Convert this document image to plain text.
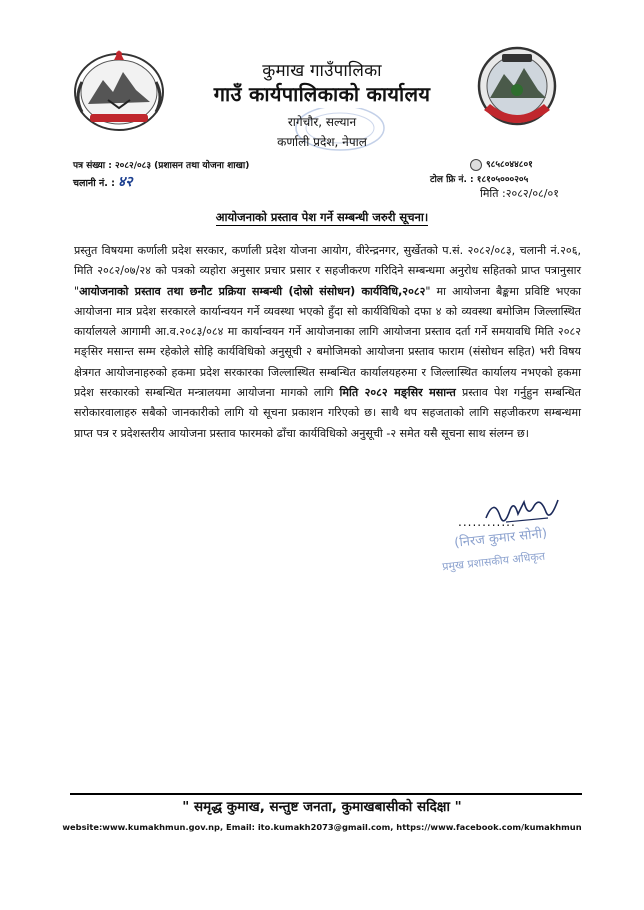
कुमाख गाउँपालिका
गाउँ कार्यपालिकाको कार्यालय
रागेचौर, सल्यान
कर्णाली प्रदेश, नेपाल
पत्र संख्या : २०८२/०८३ (प्रशासन तथा योजना शाखा)
चलानी नं. : ४२
९८५८०४४८०१
टोल फ्रि नं. : १८१०५०००२०५
मिति :२०८२/०८/०१
आयोजनाको प्रस्ताव पेश गर्ने सम्बन्धी जरुरी सूचना।
प्रस्तुत विषयमा कर्णाली प्रदेश सरकार, कर्णाली प्रदेश योजना आयोग, वीरेन्द्रनगर, सुर्खेतको प.सं. २०८२/०८३, चलानी नं.२०६, मिति २०८२/०७/२४ को पत्रको व्यहोरा अनुसार प्रचार प्रसार र सहजीकरण गरिदिने सम्बन्धमा अनुरोध सहितको प्राप्त पत्रानुसार "आयोजनाको प्रस्ताव तथा छनौट प्रक्रिया सम्बन्धी (दोस्रो संसोधन) कार्यविधि,२०८२" मा आयोजना बैङ्कमा प्रविष्टि भएका आयोजना मात्र प्रदेश सरकारले कार्यान्वयन गर्ने व्यवस्था भएको हुँदा सो कार्यविधिको दफा ४ को व्यवस्था बमोजिम जिल्लास्थित कार्यालयले आगामी आ.व.२०८३/०८४ मा कार्यान्वयन गर्ने आयोजनाका लागि आयोजना प्रस्ताव दर्ता गर्ने समयावधि मिति २०८२ मङ्सिर मसान्त सम्म रहेकोले सोहि कार्यविधिको अनुसूची २ बमोजिमको आयोजना प्रस्ताव फाराम (संसोधन सहित) भरी विषय क्षेत्रगत आयोजनाहरुको हकमा प्रदेश सरकारका जिल्लास्थित सम्बन्धित कार्यालयहरुमा र जिल्लास्थित कार्यालय नभएको हकमा प्रदेश सरकारको सम्बन्धित मन्त्रालयमा आयोजना मागको लागि मिति २०८२ मङ्सिर मसान्त प्रस्ताव पेश गर्नुहुन सम्बन्धित सरोकारवालाहरु सबैको जानकारीको लागि यो सूचना प्रकाशन गरिएको छ। साथै थप सहजताको लागि सहजीकरण सम्बन्धमा प्राप्त पत्र र प्रदेशस्तरीय आयोजना प्रस्ताव फारमको ढाँचा कार्यविधिको अनुसूची -२ समेत यसै सूचना साथ संलग्न छ।
............
(निरज कुमार सोनी)
प्रमुख प्रशासकीय अधिकृत
" समृद्ध कुमाख, सन्तुष्ट जनता, कुमाखबासीको सदिक्षा "
website:www.kumakhmun.gov.np, Email: ito.kumakh2073@gmail.com, https://www.facebook.com/kumakhmun
